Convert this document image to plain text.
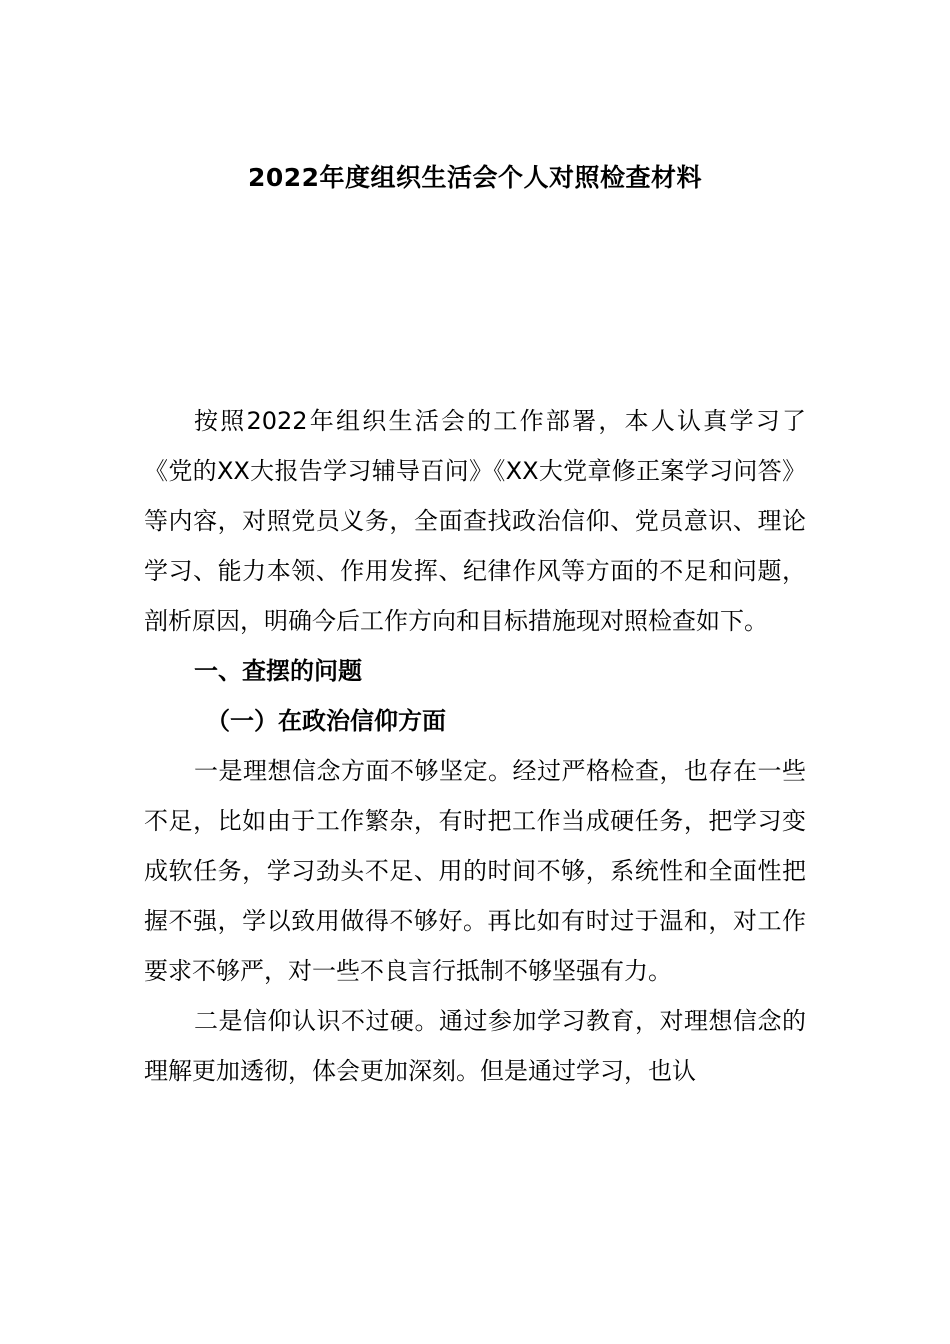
2022年度组织生活会个人对照检查材料

按照2022年组织生活会的工作部署，本人认真学习了《党的XX大报告学习辅导百问》《XX大党章修正案学习问答》等内容，对照党员义务，全面查找政治信仰、党员意识、理论学习、能力本领、作用发挥、纪律作风等方面的不足和问题，剖析原因，明确今后工作方向和目标措施现对照检查如下。

一、查摆的问题

（一）在政治信仰方面

一是理想信念方面不够坚定。经过严格检查，也存在一些不足，比如由于工作繁杂，有时把工作当成硬任务，把学习变成软任务，学习劲头不足、用的时间不够，系统性和全面性把握不强，学以致用做得不够好。再比如有时过于温和，对工作要求不够严，对一些不良言行抵制不够坚强有力。

二是信仰认识不过硬。通过参加学习教育，对理想信念的理解更加透彻，体会更加深刻。但是通过学习，也认
